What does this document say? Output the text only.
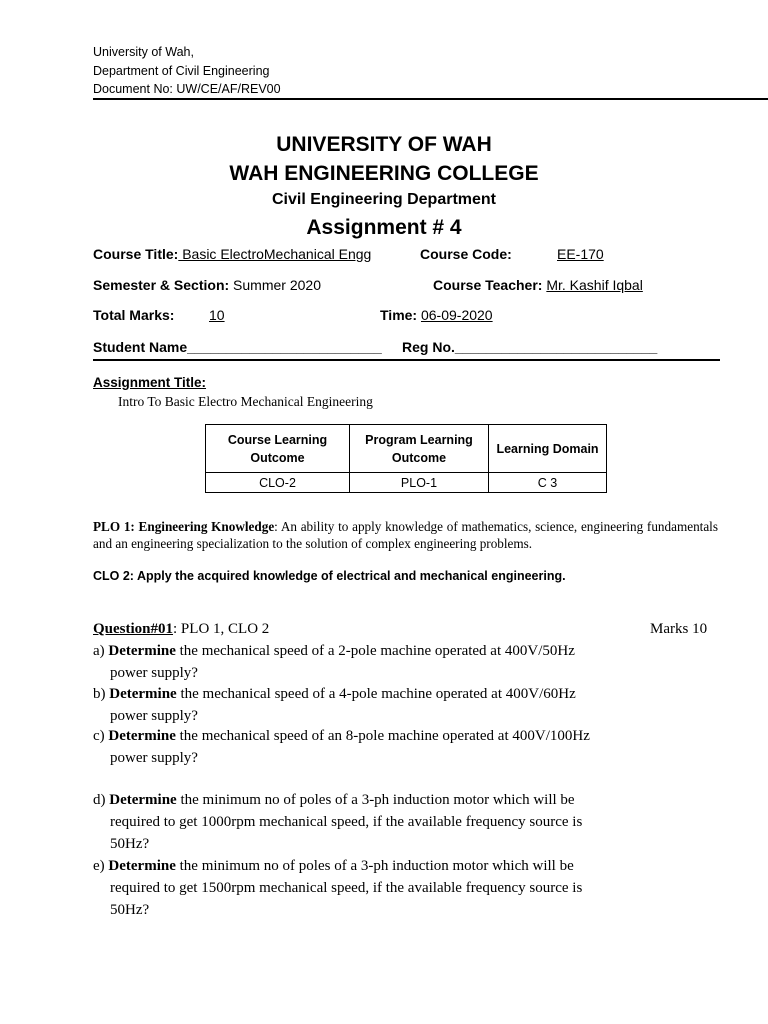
University of Wah,
Department of Civil Engineering
Document No: UW/CE/AF/REV00
UNIVERSITY OF WAH
WAH ENGINEERING COLLEGE
Civil Engineering Department
Assignment # 4
Course Title: Basic ElectroMechanical Engg	Course Code:	EE-170
Semester & Section: Summer 2020	Course Teacher: Mr. Kashif Iqbal
Total Marks: 10	Time: 06-09-2020
Student Name_________________________ Reg No.__________________________
Assignment Title:
Intro To Basic Electro Mechanical Engineering
Course Learning Outcome	Program Learning Outcome	Learning Domain
CLO-2	PLO-1	C 3
PLO 1: Engineering Knowledge: An ability to apply knowledge of mathematics, science, engineering fundamentals and an engineering specialization to the solution of complex engineering problems.
CLO 2: Apply the acquired knowledge of electrical and mechanical engineering.
Question#01: PLO 1, CLO 2	Marks 10
a) Determine the mechanical speed of a 2-pole machine operated at 400V/50Hz
power supply?
b) Determine the mechanical speed of a 4-pole machine operated at 400V/60Hz
power supply?
c) Determine the mechanical speed of an 8-pole machine operated at 400V/100Hz
power supply?
d) Determine the minimum no of poles of a 3-ph induction motor which will be
required to get 1000rpm mechanical speed, if the available frequency source is
50Hz?
e) Determine the minimum no of poles of a 3-ph induction motor which will be
required to get 1500rpm mechanical speed, if the available frequency source is
50Hz?
